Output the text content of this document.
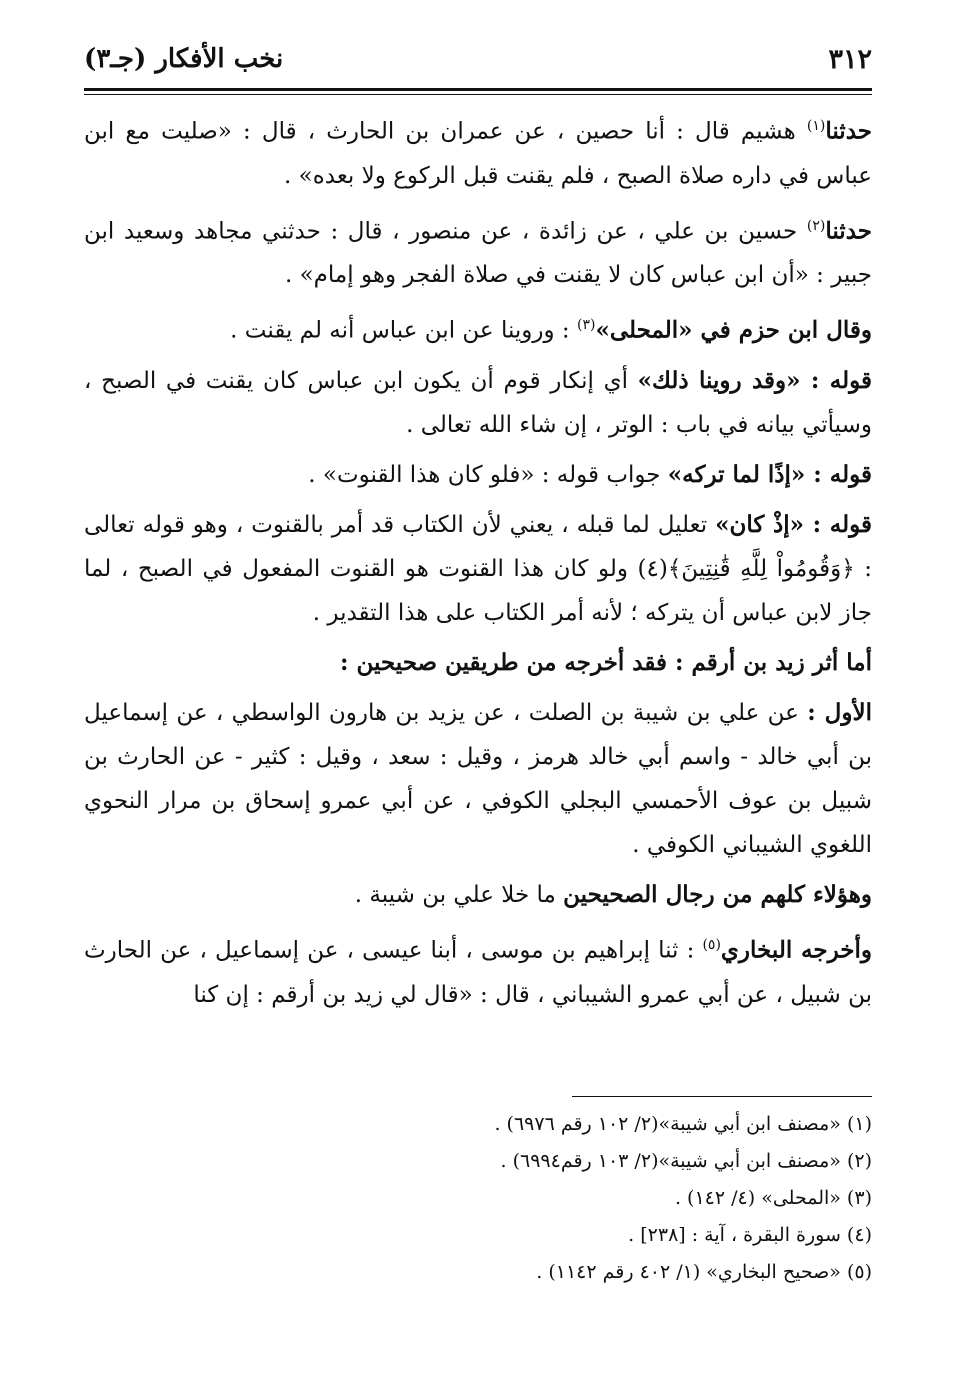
٣١٢
نخب الأفكار (جـ٣)

حدثنا$^{(١)}$ هشيم قال : أنا حصين ، عن عمران بن الحارث ، قال : «صليت مع ابن عباس في داره صلاة الصبح ، فلم يقنت قبل الركوع ولا بعده» .

حدثنا$^{(٢)}$ حسين بن علي ، عن زائدة ، عن منصور ، قال : حدثني مجاهد وسعيد ابن جبير : «أن ابن عباس كان لا يقنت في صلاة الفجر وهو إمام» .

وقال ابن حزم في «المحلى»$^{(٣)}$ : وروينا عن ابن عباس أنه لم يقنت .

قوله : «وقد روينا ذلك» أي إنكار قوم أن يكون ابن عباس كان يقنت في الصبح ، وسيأتي بيانه في باب : الوتر ، إن شاء الله تعالى .

قوله : «إذًا لما تركه» جواب قوله : «فلو كان هذا القنوت» .

قوله : «إذْ كان» تعليل لما قبله ، يعني لأن الكتاب قد أمر بالقنوت ، وهو قوله تعالى : ﴿وَقُومُواْ لِلَّهِ قَٰنِتِينَ﴾(٤) ولو كان هذا القنوت هو القنوت المفعول في الصبح ، لما جاز لابن عباس أن يتركه ؛ لأنه أمر الكتاب على هذا التقدير .

أما أثر زيد بن أرقم : فقد أخرجه من طريقين صحيحين :

الأول : عن علي بن شيبة بن الصلت ، عن يزيد بن هارون الواسطي ، عن إسماعيل بن أبي خالد - واسم أبي خالد هرمز ، وقيل : سعد ، وقيل : كثير - عن الحارث بن شبيل بن عوف الأحمسي البجلي الكوفي ، عن أبي عمرو إسحاق بن مرار النحوي اللغوي الشيباني الكوفي .

وهؤلاء كلهم من رجال الصحيحين ما خلا علي بن شيبة .

وأخرجه البخاري$^{(٥)}$ : ثنا إبراهيم بن موسى ، أبنا عيسى ، عن إسماعيل ، عن الحارث بن شبيل ، عن أبي عمرو الشيباني ، قال : «قال لي زيد بن أرقم : إن كنا

(١) «مصنف ابن أبي شيبة»(٢/ ١٠٢ رقم ٦٩٧٦) .

(٢) «مصنف ابن أبي شيبة»(٢/ ١٠٣ رقم٦٩٩٤) .

(٣) «المحلى» (٤/ ١٤٢) .

(٤) سورة البقرة ، آية : [٢٣٨] .

(٥) «صحيح البخاري» (١/ ٤٠٢ رقم ١١٤٢) .
